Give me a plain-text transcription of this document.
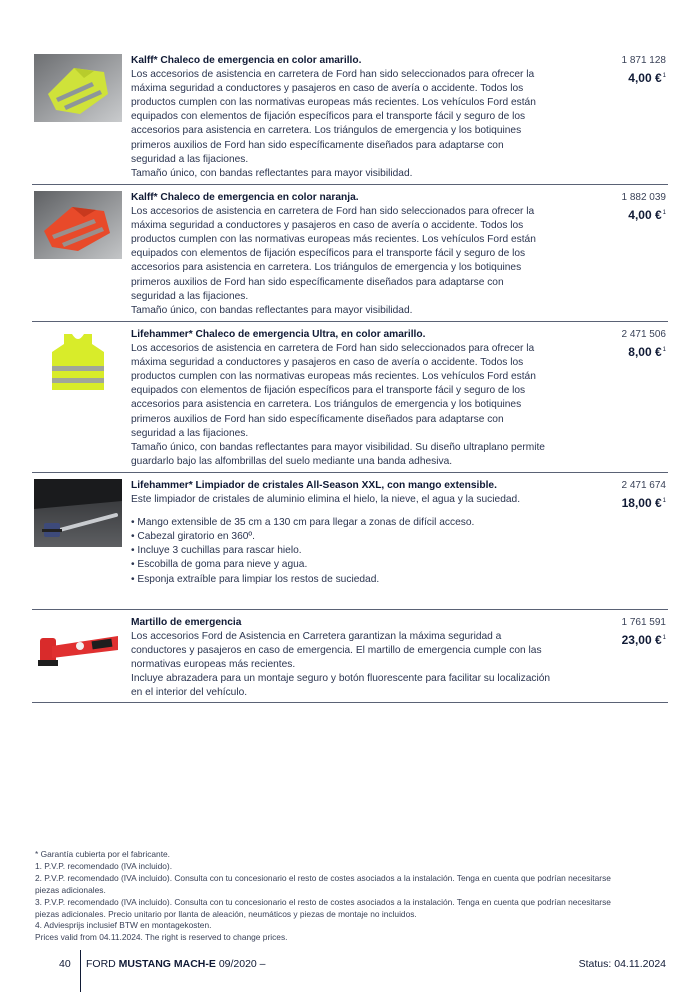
Kalff* Chaleco de emergencia en color amarillo.

Los accesorios de asistencia en carretera de Ford han sido seleccionados para ofrecer la máxima seguridad a conductores y pasajeros en caso de avería o accidente. Todos los productos cumplen con las normativas europeas más recientes. Los vehículos Ford están equipados con elementos de fijación específicos para el transporte fácil y seguro de los accesorios para asistencia en carretera. Los triángulos de emergencia y los botiquines primeros auxilios de Ford han sido específicamente diseñados para adaptarse con seguridad a las fijaciones.

Tamaño único, con bandas reflectantes para mayor visibilidad.

1 871 128
4,00 €$^1$

Kalff* Chaleco de emergencia en color naranja.

Los accesorios de asistencia en carretera de Ford han sido seleccionados para ofrecer la máxima seguridad a conductores y pasajeros en caso de avería o accidente. Todos los productos cumplen con las normativas europeas más recientes. Los vehículos Ford están equipados con elementos de fijación específicos para el transporte fácil y seguro de los accesorios para asistencia en carretera. Los triángulos de emergencia y los botiquines primeros auxilios de Ford han sido específicamente diseñados para adaptarse con seguridad a las fijaciones.

Tamaño único, con bandas reflectantes para mayor visibilidad.

1 882 039
4,00 €$^1$

Lifehammer* Chaleco de emergencia Ultra, en color amarillo.

Los accesorios de asistencia en carretera de Ford han sido seleccionados para ofrecer la máxima seguridad a conductores y pasajeros en caso de avería o accidente. Todos los productos cumplen con las normativas europeas más recientes. Los vehículos Ford están equipados con elementos de fijación específicos para el transporte fácil y seguro de los accesorios para asistencia en carretera. Los triángulos de emergencia y los botiquines primeros auxilios de Ford han sido específicamente diseñados para adaptarse con seguridad a las fijaciones.

Tamaño único, con bandas reflectantes para mayor visibilidad. Su diseño ultraplano permite guardarlo bajo las alfombrillas del suelo mediante una banda adhesiva.

2 471 506
8,00 €$^1$

Lifehammer* Limpiador de cristales All-Season XXL, con mango extensible.

Este limpiador de cristales de aluminio elimina el hielo, la nieve, el agua y la suciedad.

• Mango extensible de 35 cm a 130 cm para llegar a zonas de difícil acceso.

• Cabezal giratorio en 360º.

• Incluye 3 cuchillas para rascar hielo.

• Escobilla de goma para nieve y agua.

• Esponja extraíble para limpiar los restos de suciedad.

2 471 674
18,00 €$^1$

Martillo de emergencia

Los accesorios Ford de Asistencia en Carretera garantizan la máxima seguridad a conductores y pasajeros en caso de emergencia. El martillo de emergencia cumple con las normativas europeas más recientes.

Incluye abrazadera para un montaje seguro y botón fluorescente para facilitar su localización en el interior del vehículo.

1 761 591
23,00 €$^1$
* Garantía cubierta por el fabricante.
1. P.V.P. recomendado (IVA incluido).
2. P.V.P. recomendado (IVA incluido). Consulta con tu concesionario el resto de costes asociados a la instalación. Tenga en cuenta que podrían necesitarse
piezas adicionales.
3. P.V.P. recomendado (IVA incluido). Consulta con tu concesionario el resto de costes asociados a la instalación. Tenga en cuenta que podrían necesitarse
piezas adicionales. Precio unitario por llanta de aleación, neumáticos y piezas de montaje no incluidos.
4. Adviesprijs inclusief BTW en montagekosten.
Prices valid from 04.11.2024. The right is reserved to change prices.
40 FORD MUSTANG MACH-E 09/2020 –	Status: 04.11.2024
